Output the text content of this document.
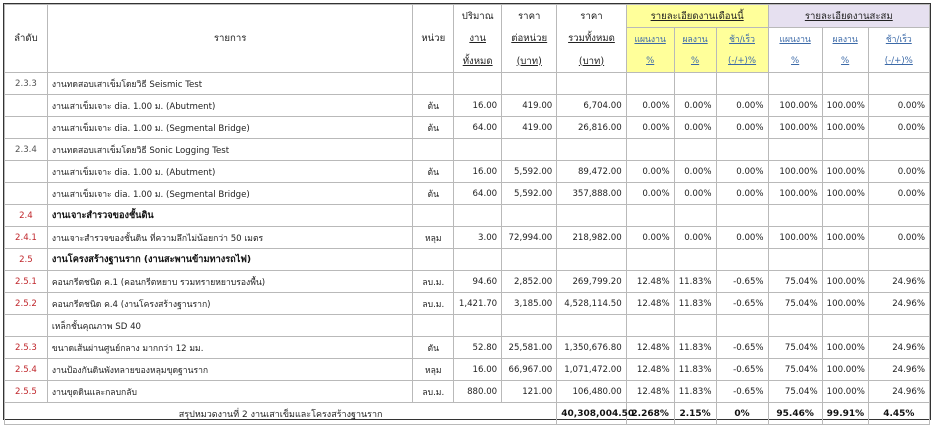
ลำดับ	รายการ	หน่วย	ปริมาณ	ราคา	ราคา	รายละเอียดงานเดือนนี้			รายละเอียดงานสะสม		
			งาน	ต่อหน่วย	รวมทั้งหมด	แผนงาน	ผลงาน	ช้า/เร็ว	แผนงาน	ผลงาน	ช้า/เร็ว
			ทั้งหมด	(บาท)	(บาท)	%	%	(-/+)%	%	%	(-/+)%
2.3.3	งานทดสอบเสาเข็มโดยวิธี Seismic Test										
	งานเสาเข็มเจาะ dia. 1.00 ม. (Abutment)	ต้น	16.00	419.00	6,704.00	0.00%	0.00%	0.00%	100.00%	100.00%	0.00%
	งานเสาเข็มเจาะ dia. 1.00 ม. (Segmental Bridge)	ต้น	64.00	419.00	26,816.00	0.00%	0.00%	0.00%	100.00%	100.00%	0.00%
2.3.4	งานทดสอบเสาเข็มโดยวิธี Sonic Logging Test										
	งานเสาเข็มเจาะ dia. 1.00 ม. (Abutment)	ต้น	16.00	5,592.00	89,472.00	0.00%	0.00%	0.00%	100.00%	100.00%	0.00%
	งานเสาเข็มเจาะ dia. 1.00 ม. (Segmental Bridge)	ต้น	64.00	5,592.00	357,888.00	0.00%	0.00%	0.00%	100.00%	100.00%	0.00%
2.4	งานเจาะสำรวจของชั้นดิน										
2.4.1	งานเจาะสำรวจของชั้นดิน ที่ความลึกไม่น้อยกว่า 50 เมตร	หลุม	3.00	72,994.00	218,982.00	0.00%	0.00%	0.00%	100.00%	100.00%	0.00%
2.5	งานโครงสร้างฐานราก (งานสะพานข้ามทางรถไฟ)										
2.5.1	คอนกรีตชนิด ค.1 (คอนกรีตหยาบ รวมทรายหยาบรองพื้น)	ลบ.ม.	94.60	2,852.00	269,799.20	12.48%	11.83%	-0.65%	75.04%	100.00%	24.96%
2.5.2	คอนกรีตชนิด ค.4 (งานโครงสร้างฐานราก)	ลบ.ม.	1,421.70	3,185.00	4,528,114.50	12.48%	11.83%	-0.65%	75.04%	100.00%	24.96%
	เหล็กชั้นคุณภาพ SD 40										
2.5.3	ขนาดเส้นผ่านศูนย์กลาง มากกว่า 12 มม.	ตัน	52.80	25,581.00	1,350,676.80	12.48%	11.83%	-0.65%	75.04%	100.00%	24.96%
2.5.4	งานป้องกันดินพังทลายของหลุมขุดฐานราก	หลุม	16.00	66,967.00	1,071,472.00	12.48%	11.83%	-0.65%	75.04%	100.00%	24.96%
2.5.5	งานขุดดินและกลบกลับ	ลบ.ม.	880.00	121.00	106,480.00	12.48%	11.83%	-0.65%	75.04%	100.00%	24.96%
สรุปหมวดงานที่ 2 งานเสาเข็มและโครงสร้างฐานราก					40,308,004.50	2.268%	2.15%	0%	95.46%	99.91%	4.45%
